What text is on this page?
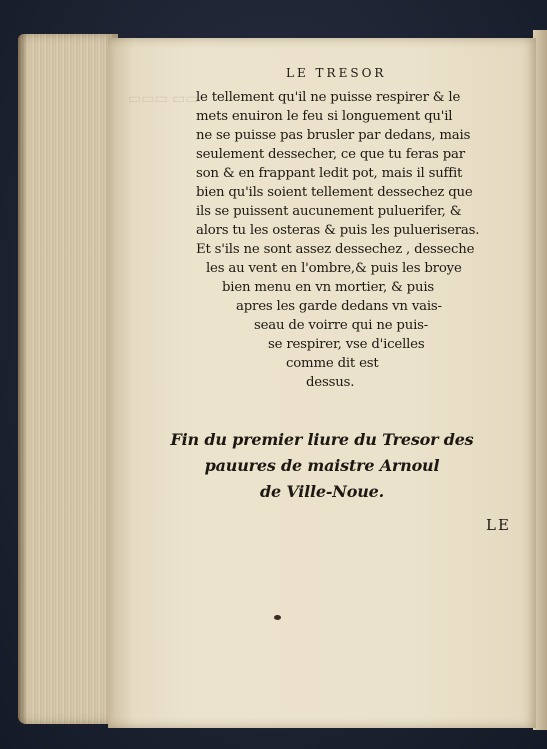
▭▭▭ ▭▭
LE TRESOR
le tellement qu'il ne puisse respirer & le
mets enuiron le feu si longuement qu'il
ne se puisse pas brusler par dedans, mais
seulement dessecher, ce que tu feras par
son & en frappant ledit pot, mais il suffit
bien qu'ils soient tellement dessechez que
ils se puissent aucunement puluerifer, &
alors tu les osteras & puis les pulueriseras.
Et s'ils ne sont assez dessechez , desseche
les au vent en l'ombre,& puis les broye
bien menu en vn mortier, & puis
apres les garde dedans vn vais-
seau de voirre qui ne puis-
se respirer, vse d'icelles
comme dit est
dessus.
Fin du premier liure du Tresor des
pauures de maistre Arnoul
de Ville-Noue.
LE
